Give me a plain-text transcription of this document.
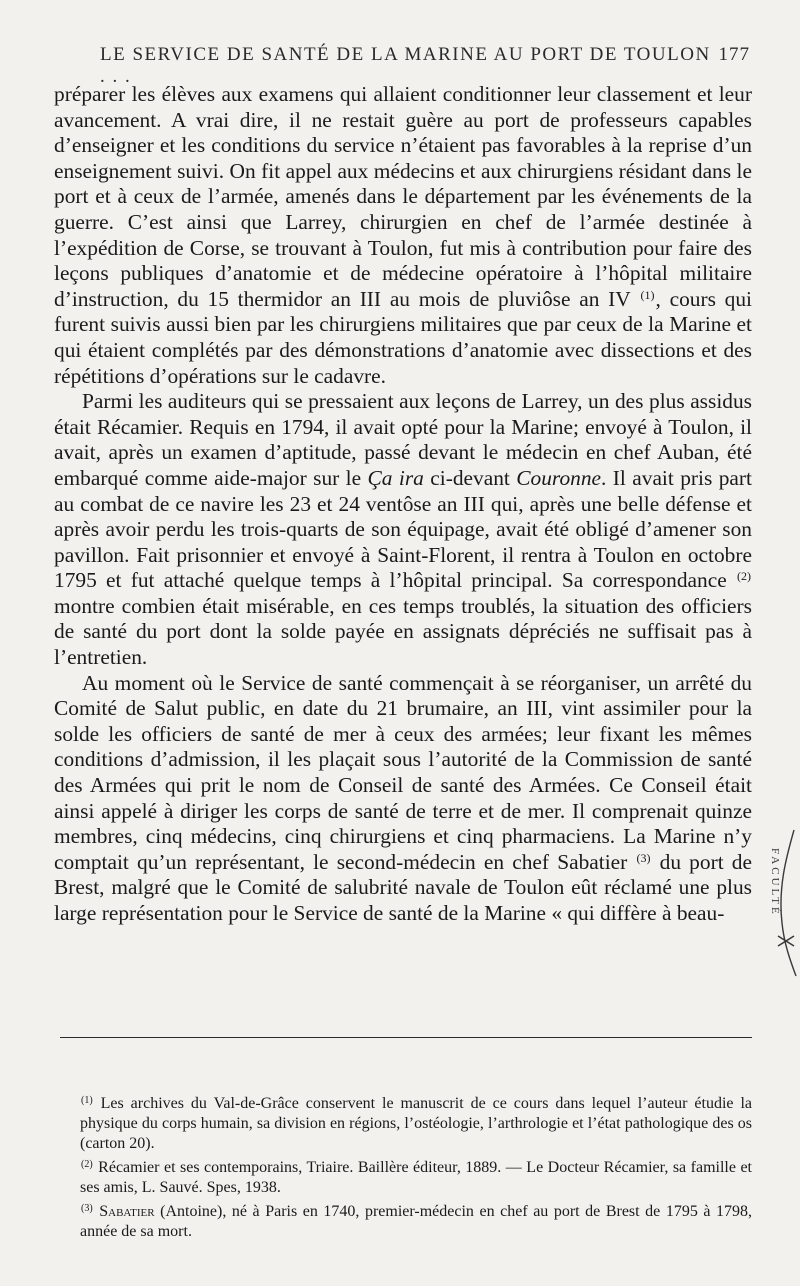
LE SERVICE DE SANTÉ DE LA MARINE AU PORT DE TOULON . . .
177

préparer les élèves aux examens qui allaient conditionner leur classement et leur avancement. A vrai dire, il ne restait guère au port de professeurs capables d’enseigner et les conditions du service n’étaient pas favorables à la reprise d’un enseignement suivi. On fit appel aux médecins et aux chirurgiens résidant dans le port et à ceux de l’armée, amenés dans le département par les événements de la guerre. C’est ainsi que Larrey, chirurgien en chef de l’armée destinée à l’expédition de Corse, se trouvant à Toulon, fut mis à contribution pour faire des leçons publiques d’anatomie et de médecine opératoire à l’hôpital militaire d’instruction, du 15 thermidor an III au mois de pluviôse an IV $^{(1)}$, cours qui furent suivis aussi bien par les chirurgiens militaires que par ceux de la Marine et qui étaient complétés par des démonstrations d’anatomie avec dissections et des répétitions d’opérations sur le cadavre.

Parmi les auditeurs qui se pressaient aux leçons de Larrey, un des plus assidus était Récamier. Requis en 1794, il avait opté pour la Marine; envoyé à Toulon, il avait, après un examen d’aptitude, passé devant le médecin en chef Auban, été embarqué comme aide-major sur le Ça ira ci-devant Couronne. Il avait pris part au combat de ce navire les 23 et 24 ventôse an III qui, après une belle défense et après avoir perdu les trois-quarts de son équipage, avait été obligé d’amener son pavillon. Fait prisonnier et envoyé à Saint-Florent, il rentra à Toulon en octobre 1795 et fut attaché quelque temps à l’hôpital principal. Sa correspondance $^{(2)}$ montre combien était misérable, en ces temps troublés, la situation des officiers de santé du port dont la solde payée en assignats dépréciés ne suffisait pas à l’entretien.

Au moment où le Service de santé commençait à se réorganiser, un arrêté du Comité de Salut public, en date du 21 brumaire, an III, vint assimiler pour la solde les officiers de santé de mer à ceux des armées; leur fixant les mêmes conditions d’admission, il les plaçait sous l’autorité de la Commission de santé des Armées qui prit le nom de Conseil de santé des Armées. Ce Conseil était ainsi appelé à diriger les corps de santé de terre et de mer. Il comprenait quinze membres, cinq médecins, cinq chirurgiens et cinq pharmaciens. La Marine n’y comptait qu’un représentant, le second-médecin en chef Sabatier $^{(3)}$ du port de Brest, malgré que le Comité de salubrité navale de Toulon eût réclamé une plus large représentation pour le Service de santé de la Marine « qui diffère à beau-

$^{(1)}$ Les archives du Val-de-Grâce conservent le manuscrit de ce cours dans lequel l’auteur étudie la physique du corps humain, sa division en régions, l’ostéologie, l’arthrologie et l’état pathologique des os (carton 20).

$^{(2)}$ Récamier et ses contemporains, Triaire. Baillère éditeur, 1889. — Le Docteur Récamier, sa famille et ses amis, L. Sauvé. Spes, 1938.

$^{(3)}$ Sabatier (Antoine), né à Paris en 1740, premier-médecin en chef au port de Brest de 1795 à 1798, année de sa mort.

FACULTÉ
